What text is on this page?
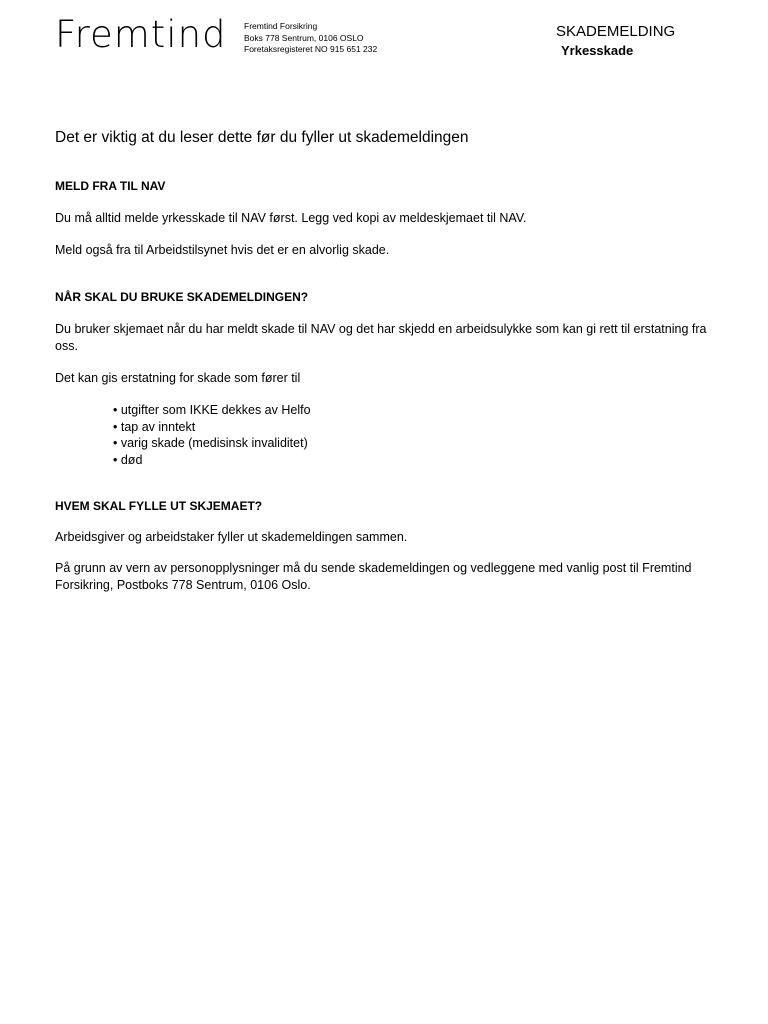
Fremtind Fremtind Forsikring
Boks 778 Sentrum, 0106 OSLO
Foretaksregisteret NO 915 651 232
SKADEMELDING
Yrkesskade
Det er viktig at du leser dette før du fyller ut skademeldingen
MELD FRA TIL NAV
Du må alltid melde yrkesskade til NAV først. Legg ved kopi av meldeskjemaet til NAV.
Meld også fra til Arbeidstilsynet hvis det er en alvorlig skade.
NÅR SKAL DU BRUKE SKADEMELDINGEN?
Du bruker skjemaet når du har meldt skade til NAV og det har skjedd en arbeidsulykke som kan gi rett til erstatning fra oss.
Det kan gis erstatning for skade som fører til
• utgifter som IKKE dekkes av Helfo
• tap av inntekt
• varig skade (medisinsk invaliditet)
• død
HVEM SKAL FYLLE UT SKJEMAET?
Arbeidsgiver og arbeidstaker fyller ut skademeldingen sammen.
På grunn av vern av personopplysninger må du sende skademeldingen og vedleggene med vanlig post til Fremtind Forsikring, Postboks 778 Sentrum, 0106 Oslo.
